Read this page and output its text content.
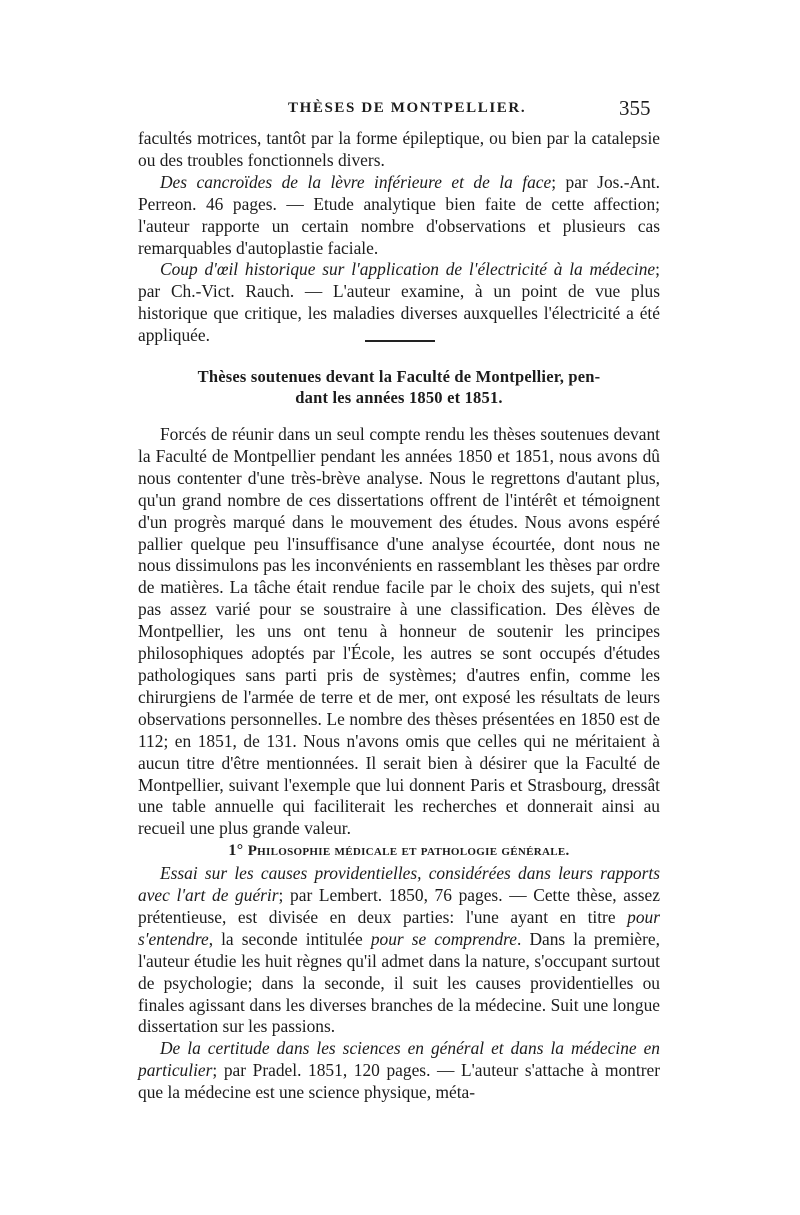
THÈSES DE MONTPELLIER.	355

facultés motrices, tantôt par la forme épileptique, ou bien par la catalepsie ou des troubles fonctionnels divers.

Des cancroïdes de la lèvre inférieure et de la face; par Jos.-Ant. Perreon. 46 pages. — Etude analytique bien faite de cette affection; l'auteur rapporte un certain nombre d'observations et plusieurs cas remarquables d'autoplastie faciale.

Coup d'œil historique sur l'application de l'électricité à la médecine; par Ch.-Vict. Rauch. — L'auteur examine, à un point de vue plus historique que critique, les maladies diverses auxquelles l'électricité a été appliquée.

Thèses soutenues devant la Faculté de Montpellier, pen-
dant les années 1850 et 1851.

Forcés de réunir dans un seul compte rendu les thèses soutenues devant la Faculté de Montpellier pendant les années 1850 et 1851, nous avons dû nous contenter d'une très-brève analyse. Nous le regrettons d'autant plus, qu'un grand nombre de ces dissertations offrent de l'intérêt et témoignent d'un progrès marqué dans le mouvement des études. Nous avons espéré pallier quelque peu l'insuffisance d'une analyse écourtée, dont nous ne nous dissimulons pas les inconvénients en rassemblant les thèses par ordre de matières. La tâche était rendue facile par le choix des sujets, qui n'est pas assez varié pour se soustraire à une classification. Des élèves de Montpellier, les uns ont tenu à honneur de soutenir les principes philosophiques adoptés par l'École, les autres se sont occupés d'études pathologiques sans parti pris de systèmes; d'autres enfin, comme les chirurgiens de l'armée de terre et de mer, ont exposé les résultats de leurs observations personnelles. Le nombre des thèses présentées en 1850 est de 112; en 1851, de 131. Nous n'avons omis que celles qui ne méritaient à aucun titre d'être mentionnées. Il serait bien à désirer que la Faculté de Montpellier, suivant l'exemple que lui donnent Paris et Strasbourg, dressât une table annuelle qui faciliterait les recherches et donnerait ainsi au recueil une plus grande valeur.

1° Philosophie médicale et pathologie générale.

Essai sur les causes providentielles, considérées dans leurs rapports avec l'art de guérir; par Lembert. 1850, 76 pages. — Cette thèse, assez prétentieuse, est divisée en deux parties: l'une ayant en titre pour s'entendre, la seconde intitulée pour se comprendre. Dans la première, l'auteur étudie les huit règnes qu'il admet dans la nature, s'occupant surtout de psychologie; dans la seconde, il suit les causes providentielles ou finales agissant dans les diverses branches de la médecine. Suit une longue dissertation sur les passions.

De la certitude dans les sciences en général et dans la médecine en particulier; par Pradel. 1851, 120 pages. — L'auteur s'attache à montrer que la médecine est une science physique, méta-
